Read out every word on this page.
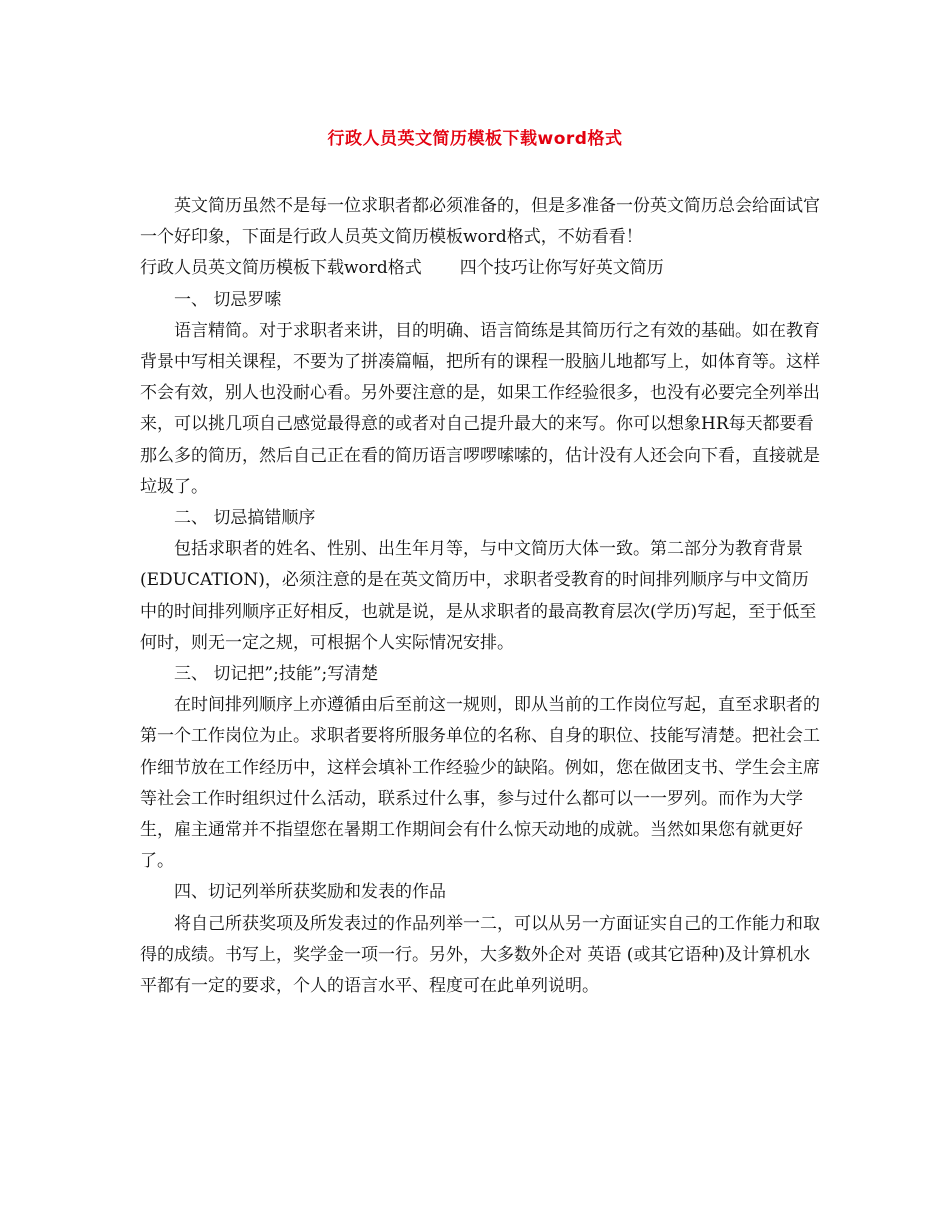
行政人员英文简历模板下载word格式

英文简历虽然不是每一位求职者都必须准备的，但是多准备一份英文简历总会给面试官一个好印象，下面是行政人员英文简历模板word格式，不妨看看！

行政人员英文简历模板下载word格式 四个技巧让你写好英文简历

一、 切忌罗嗦

语言精简。对于求职者来讲，目的明确、语言简练是其简历行之有效的基础。如在教育背景中写相关课程，不要为了拼凑篇幅，把所有的课程一股脑儿地都写上，如体育等。这样不会有效，别人也没耐心看。另外要注意的是，如果工作经验很多，也没有必要完全列举出来，可以挑几项自己感觉最得意的或者对自己提升最大的来写。你可以想象HR每天都要看那么多的简历，然后自己正在看的简历语言啰啰嗦嗦的，估计没有人还会向下看，直接就是垃圾了。

二、 切忌搞错顺序

包括求职者的姓名、性别、出生年月等，与中文简历大体一致。第二部分为教育背景(EDUCATION)，必须注意的是在英文简历中，求职者受教育的时间排列顺序与中文简历中的时间排列顺序正好相反，也就是说，是从求职者的最高教育层次(学历)写起，至于低至何时，则无一定之规，可根据个人实际情况安排。

三、 切记把”;技能”;写清楚

在时间排列顺序上亦遵循由后至前这一规则，即从当前的工作岗位写起，直至求职者的第一个工作岗位为止。求职者要将所服务单位的名称、自身的职位、技能写清楚。把社会工作细节放在工作经历中，这样会填补工作经验少的缺陷。例如，您在做团支书、学生会主席等社会工作时组织过什么活动，联系过什么事，参与过什么都可以一一罗列。而作为大学生，雇主通常并不指望您在暑期工作期间会有什么惊天动地的成就。当然如果您有就更好了。

四、切记列举所获奖励和发表的作品

将自己所获奖项及所发表过的作品列举一二，可以从另一方面证实自己的工作能力和取得的成绩。书写上，奖学金一项一行。另外，大多数外企对 英语 (或其它语种)及计算机水平都有一定的要求，个人的语言水平、程度可在此单列说明。
